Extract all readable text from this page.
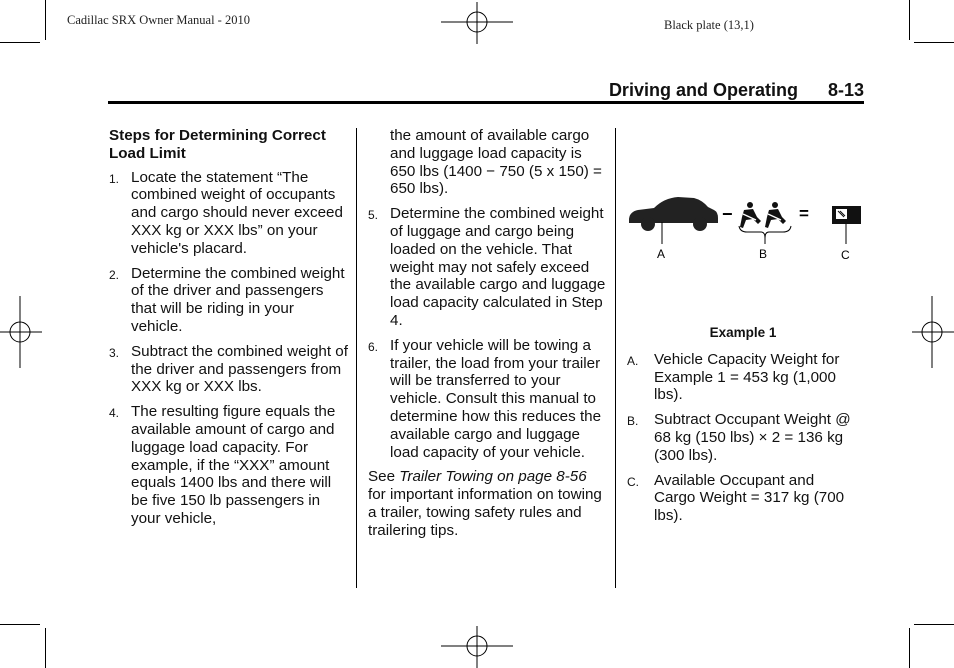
Cadillac SRX Owner Manual - 2010	Black plate (13,1)
Driving and Operating 8-13
Steps for Determining Correct Load Limit
1. Locate the statement “The combined weight of occupants and cargo should never exceed XXX kg or XXX lbs” on your vehicle's placard.
2. Determine the combined weight of the driver and passengers that will be riding in your vehicle.
3. Subtract the combined weight of the driver and passengers from XXX kg or XXX lbs.
4. The resulting figure equals the available amount of cargo and luggage load capacity. For example, if the “XXX” amount equals 1400 lbs and there will be five 150 lb passengers in your vehicle,
the amount of available cargo and luggage load capacity is 650 lbs (1400 − 750 (5 x 150) = 650 lbs).
5. Determine the combined weight of luggage and cargo being loaded on the vehicle. That weight may not safely exceed the available cargo and luggage load capacity calculated in Step 4.
6. If your vehicle will be towing a trailer, the load from your trailer will be transferred to your vehicle. Consult this manual to determine how this reduces the available cargo and luggage load capacity of your vehicle.
See Trailer Towing on page 8-56 for important information on towing a trailer, towing safety rules and trailering tips.
−	=
A	B	C
Example 1
A. Vehicle Capacity Weight for Example 1 = 453 kg (1,000 lbs).
B. Subtract Occupant Weight @ 68 kg (150 lbs) × 2 = 136 kg (300 lbs).
C. Available Occupant and Cargo Weight = 317 kg (700 lbs).
